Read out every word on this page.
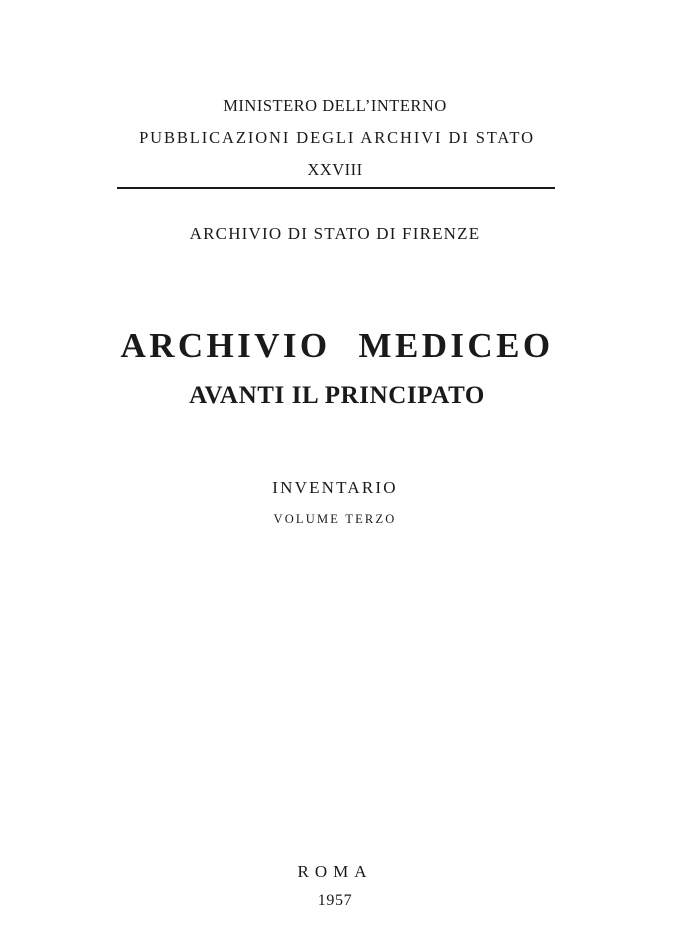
MINISTERO DELL’INTERNO
PUBBLICAZIONI DEGLI ARCHIVI DI STATO
XXVIII
ARCHIVIO DI STATO DI FIRENZE
ARCHIVIO MEDICEO
AVANTI IL PRINCIPATO
INVENTARIO
VOLUME TERZO
ROMA
1957
